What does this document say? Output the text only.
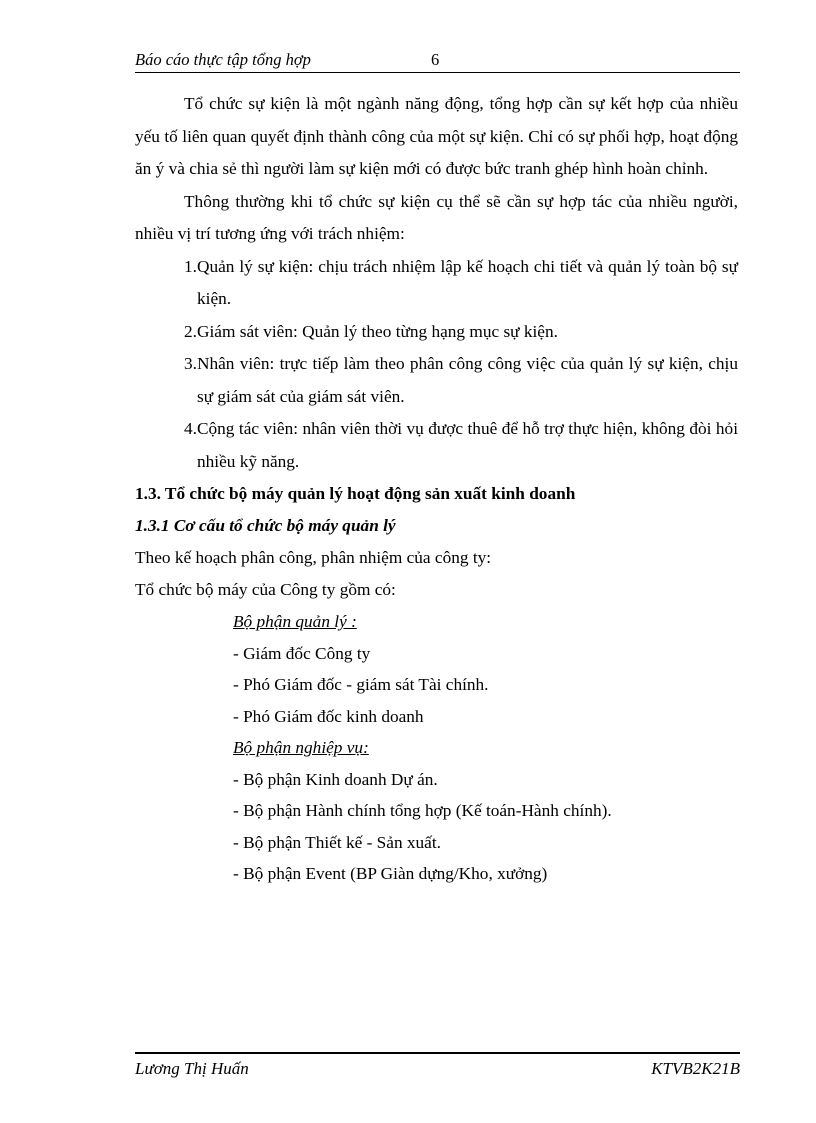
Báo cáo thực tập tổng hợp	6

Tổ chức sự kiện là một ngành năng động, tổng hợp cần sự kết hợp của nhiều yếu tố liên quan quyết định thành công của một sự kiện. Chỉ có sự phối hợp, hoạt động ăn ý và chia sẻ thì người làm sự kiện mới có được bức tranh ghép hình hoàn chỉnh.

Thông thường khi tổ chức sự kiện cụ thể sẽ cần sự hợp tác của nhiều người, nhiều vị trí tương ứng với trách nhiệm:

1. Quản lý sự kiện: chịu trách nhiệm lập kế hoạch chi tiết và quản lý toàn bộ sự kiện.
2. Giám sát viên: Quản lý theo từng hạng mục sự kiện.
3. Nhân viên: trực tiếp làm theo phân công công việc của quản lý sự kiện, chịu sự giám sát của giám sát viên.
4. Cộng tác viên: nhân viên thời vụ được thuê để hỗ trợ thực hiện, không đòi hỏi nhiều kỹ năng.

1.3. Tổ chức bộ máy quản lý hoạt động sản xuất kinh doanh

1.3.1 Cơ cấu tổ chức bộ máy quản lý

Theo kế hoạch phân công, phân nhiệm của công ty:

Tổ chức bộ máy của Công ty gồm có:

Bộ phận quản lý :
- Giám đốc Công ty
- Phó Giám đốc - giám sát Tài chính.
- Phó Giám đốc kinh doanh
Bộ phận nghiệp vụ:
- Bộ phận Kinh doanh Dự án.
- Bộ phận Hành chính tổng hợp (Kế toán-Hành chính).
- Bộ phận Thiết kế - Sản xuất.
- Bộ phận Event (BP Giàn dựng/Kho, xưởng)
Lương Thị Huấn	KTVB2K21B
